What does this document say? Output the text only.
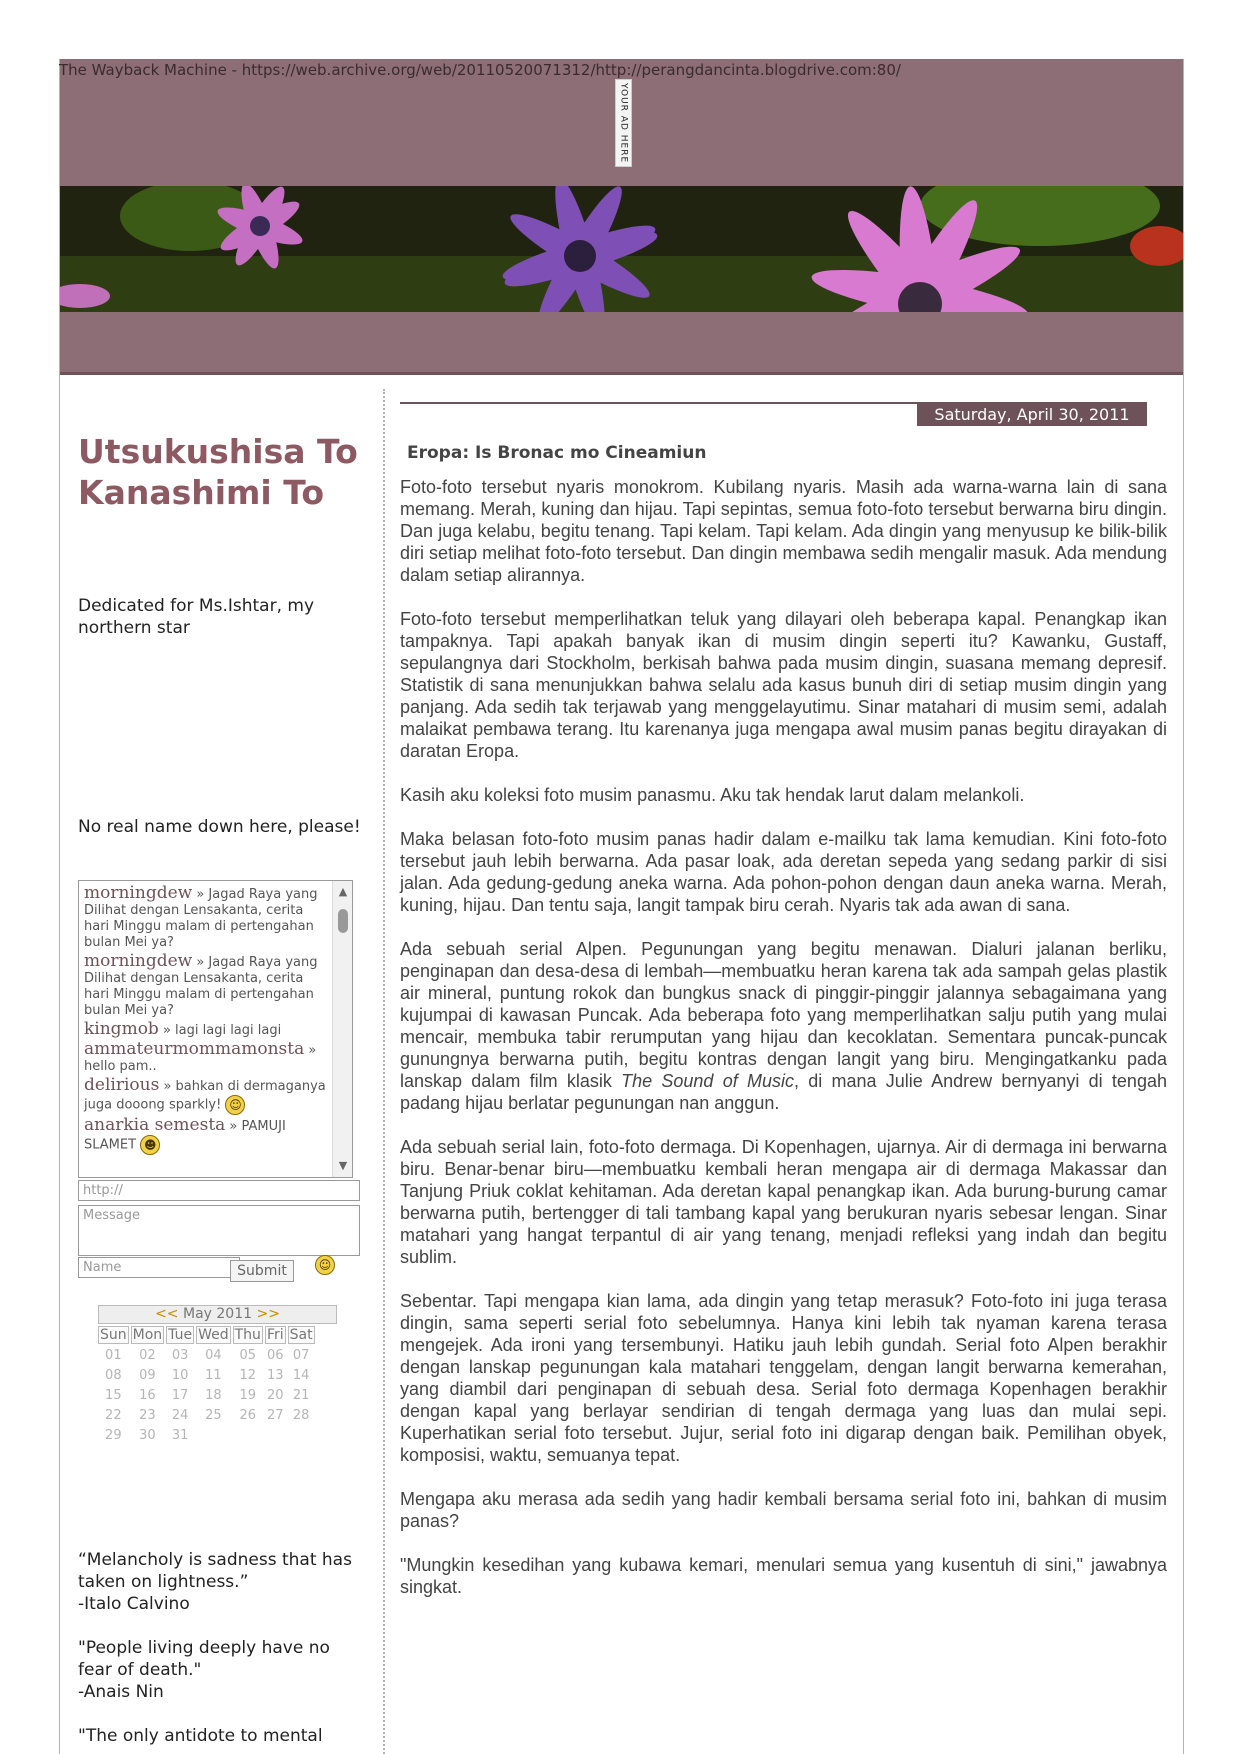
YOUR AD HERE
Utsukushisa To Kanashimi To
Dedicated for Ms.Ishtar, my northern star
No real name down here, please!
morningdew » Jagad Raya yang Dilihat dengan Lensakanta, cerita hari Minggu malam di pertengahan bulan Mei ya?
morningdew » Jagad Raya yang Dilihat dengan Lensakanta, cerita hari Minggu malam di pertengahan bulan Mei ya?
kingmob » lagi lagi lagi lagi
ammateurmommamonsta » hello pam..
delirious » bahkan di dermaganya juga dooong sparkly! ☺
anarkia semesta » PAMUJI SLAMET ☻
▲
▼
http://
Message
Name	Submit	☺
<< May 2011 >>
Sun	Mon	Tue	Wed	Thu	Fri	Sat
01	02	03	04	05	06	07
08	09	10	11	12	13	14
15	16	17	18	19	20	21
22	23	24	25	26	27	28
29	30	31				
“Melancholy is sadness that has taken on lightness.”
-Italo Calvino
"People living deeply have no fear of death."
-Anais Nin
"The only antidote to mental
Saturday, April 30, 2011
Eropa: Is Bronac mo Cineamiun

Foto-foto tersebut nyaris monokrom. Kubilang nyaris. Masih ada warna-warna lain di sana memang. Merah, kuning dan hijau. Tapi sepintas, semua foto-foto tersebut berwarna biru dingin. Dan juga kelabu, begitu tenang. Tapi kelam. Tapi kelam. Ada dingin yang menyusup ke bilik-bilik diri setiap melihat foto-foto tersebut. Dan dingin membawa sedih mengalir masuk. Ada mendung dalam setiap alirannya.

Foto-foto tersebut memperlihatkan teluk yang dilayari oleh beberapa kapal. Penangkap ikan tampaknya. Tapi apakah banyak ikan di musim dingin seperti itu? Kawanku, Gustaff, sepulangnya dari Stockholm, berkisah bahwa pada musim dingin, suasana memang depresif. Statistik di sana menunjukkan bahwa selalu ada kasus bunuh diri di setiap musim dingin yang panjang. Ada sedih tak terjawab yang menggelayutimu. Sinar matahari di musim semi, adalah malaikat pembawa terang. Itu karenanya juga mengapa awal musim panas begitu dirayakan di daratan Eropa.

Kasih aku koleksi foto musim panasmu. Aku tak hendak larut dalam melankoli.

Maka belasan foto-foto musim panas hadir dalam e-mailku tak lama kemudian. Kini foto-foto tersebut jauh lebih berwarna. Ada pasar loak, ada deretan sepeda yang sedang parkir di sisi jalan. Ada gedung-gedung aneka warna. Ada pohon-pohon dengan daun aneka warna. Merah, kuning, hijau. Dan tentu saja, langit tampak biru cerah. Nyaris tak ada awan di sana.

Ada sebuah serial Alpen. Pegunungan yang begitu menawan. Dialuri jalanan berliku, penginapan dan desa-desa di lembah—membuatku heran karena tak ada sampah gelas plastik air mineral, puntung rokok dan bungkus snack di pinggir-pinggir jalannya sebagaimana yang kujumpai di kawasan Puncak. Ada beberapa foto yang memperlihatkan salju putih yang mulai mencair, membuka tabir rerumputan yang hijau dan kecoklatan. Sementara puncak-puncak gunungnya berwarna putih, begitu kontras dengan langit yang biru. Mengingatkanku pada lanskap dalam film klasik The Sound of Music, di mana Julie Andrew bernyanyi di tengah padang hijau berlatar pegunungan nan anggun.

Ada sebuah serial lain, foto-foto dermaga. Di Kopenhagen, ujarnya. Air di dermaga ini berwarna biru. Benar-benar biru—membuatku kembali heran mengapa air di dermaga Makassar dan Tanjung Priuk coklat kehitaman. Ada deretan kapal penangkap ikan. Ada burung-burung camar berwarna putih, bertengger di tali tambang kapal yang berukuran nyaris sebesar lengan. Sinar matahari yang hangat terpantul di air yang tenang, menjadi refleksi yang indah dan begitu sublim.

Sebentar. Tapi mengapa kian lama, ada dingin yang tetap merasuk? Foto-foto ini juga terasa dingin, sama seperti serial foto sebelumnya. Hanya kini lebih tak nyaman karena terasa mengejek. Ada ironi yang tersembunyi. Hatiku jauh lebih gundah. Serial foto Alpen berakhir dengan lanskap pegunungan kala matahari tenggelam, dengan langit berwarna kemerahan, yang diambil dari penginapan di sebuah desa. Serial foto dermaga Kopenhagen berakhir dengan kapal yang berlayar sendirian di tengah dermaga yang luas dan mulai sepi. Kuperhatikan serial foto tersebut. Jujur, serial foto ini digarap dengan baik. Pemilihan obyek, komposisi, waktu, semuanya tepat.

Mengapa aku merasa ada sedih yang hadir kembali bersama serial foto ini, bahkan di musim panas?

"Mungkin kesedihan yang kubawa kemari, menulari semua yang kusentuh di sini," jawabnya singkat.

The Wayback Machine - https://web.archive.org/web/20110520071312/http://perangdancinta.blogdrive.com:80/
